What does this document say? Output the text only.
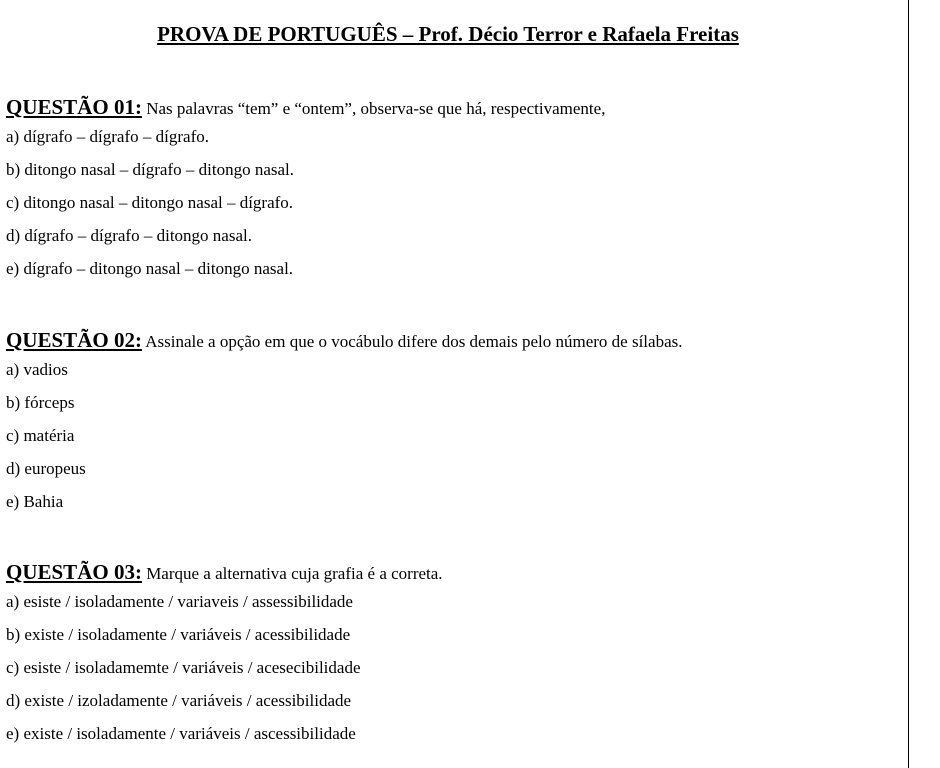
PROVA DE PORTUGUÊS – Prof. Décio Terror e Rafaela Freitas
QUESTÃO 01: Nas palavras “tem” e “ontem”, observa-se que há, respectivamente,
a) dígrafo – dígrafo – dígrafo.
b) ditongo nasal – dígrafo – ditongo nasal.
c) ditongo nasal – ditongo nasal – dígrafo.
d) dígrafo – dígrafo – ditongo nasal.
e) dígrafo – ditongo nasal – ditongo nasal.
QUESTÃO 02: Assinale a opção em que o vocábulo difere dos demais pelo número de sílabas.
a) vadios
b) fórceps
c) matéria
d) europeus
e) Bahia
QUESTÃO 03: Marque a alternativa cuja grafia é a correta.
a) esiste / isoladamente / variaveis / assessibilidade
b) existe / isoladamente / variáveis / acessibilidade
c) esiste / isoladamemte / variáveis / acesecibilidade
d) existe / izoladamente / variáveis / acessibilidade
e) existe / isoladamente / variáveis / ascessibilidade
